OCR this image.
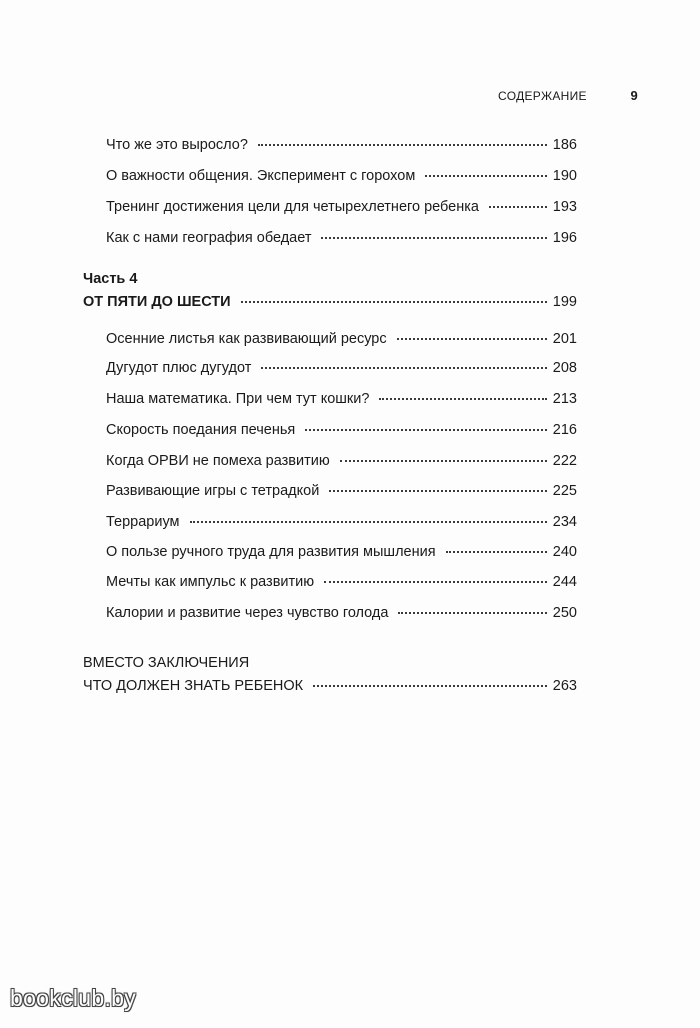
СОДЕРЖАНИЕ	9
Что же это выросло?	186
О важности общения. Эксперимент с горохом	190
Тренинг достижения цели для четырехлетнего ребенка	193
Как с нами география обедает	196
Часть 4
ОТ ПЯТИ ДО ШЕСТИ	199
Осенние листья как развивающий ресурс	201
Дугудот плюс дугудот	208
Наша математика. При чем тут кошки?	213
Скорость поедания печенья	216
Когда ОРВИ не помеха развитию	222
Развивающие игры с тетрадкой	225
Террариум	234
О пользе ручного труда для развития мышления	240
Мечты как импульс к развитию	244
Калории и развитие через чувство голода	250
ВМЕСТО ЗАКЛЮЧЕНИЯ
ЧТО ДОЛЖЕН ЗНАТЬ РЕБЕНОК	263
bookclub.by
